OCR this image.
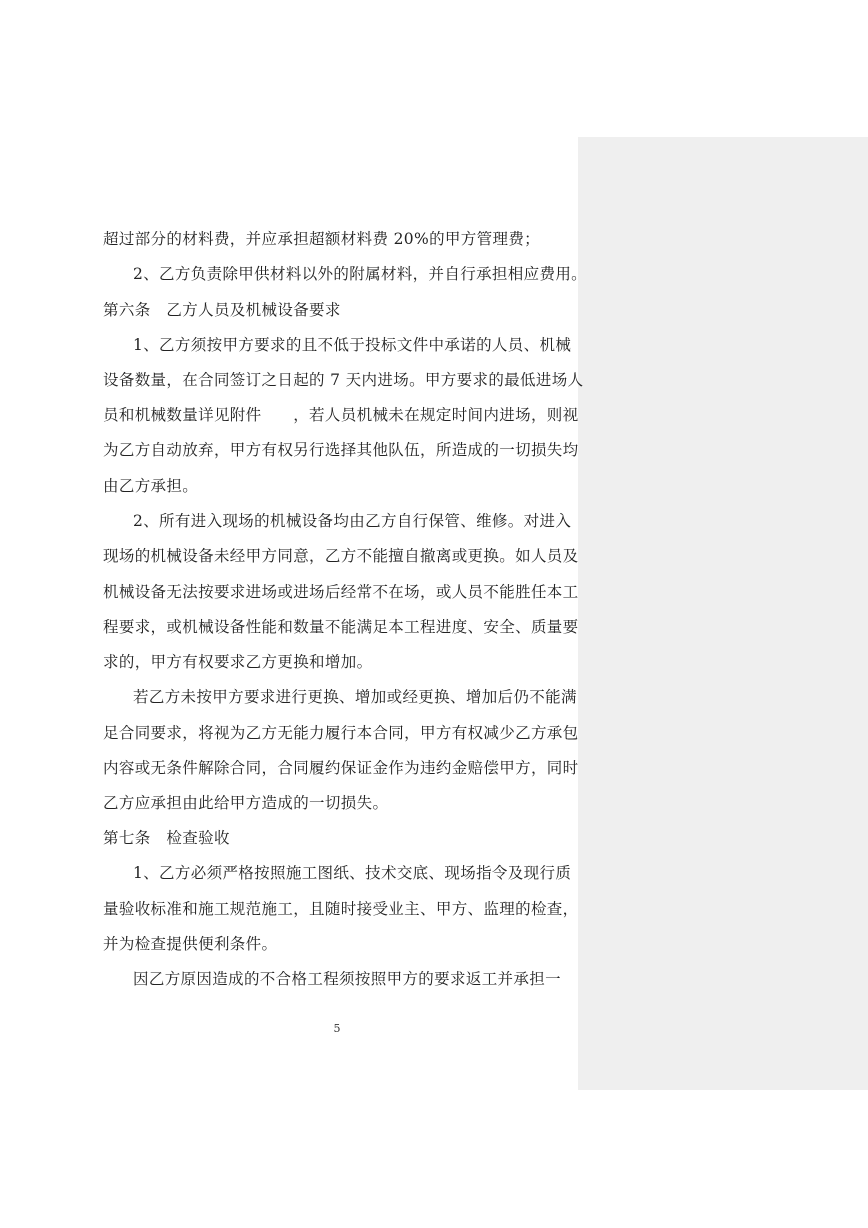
超过部分的材料费，并应承担超额材料费 20%的甲方管理费；
2、乙方负责除甲供材料以外的附属材料，并自行承担相应费用。
第六条　乙方人员及机械设备要求
1、乙方须按甲方要求的且不低于投标文件中承诺的人员、机械
设备数量，在合同签订之日起的 7 天内进场。甲方要求的最低进场人
员和机械数量详见附件　　，若人员机械未在规定时间内进场，则视
为乙方自动放弃，甲方有权另行选择其他队伍，所造成的一切损失均
由乙方承担。
2、所有进入现场的机械设备均由乙方自行保管、维修。对进入
现场的机械设备未经甲方同意，乙方不能擅自撤离或更换。如人员及
机械设备无法按要求进场或进场后经常不在场，或人员不能胜任本工
程要求，或机械设备性能和数量不能满足本工程进度、安全、质量要
求的，甲方有权要求乙方更换和增加。
若乙方未按甲方要求进行更换、增加或经更换、增加后仍不能满
足合同要求，将视为乙方无能力履行本合同，甲方有权减少乙方承包
内容或无条件解除合同，合同履约保证金作为违约金赔偿甲方，同时
乙方应承担由此给甲方造成的一切损失。
第七条　检查验收
1、乙方必须严格按照施工图纸、技术交底、现场指令及现行质
量验收标准和施工规范施工，且随时接受业主、甲方、监理的检查，
并为检查提供便利条件。
因乙方原因造成的不合格工程须按照甲方的要求返工并承担一
5
